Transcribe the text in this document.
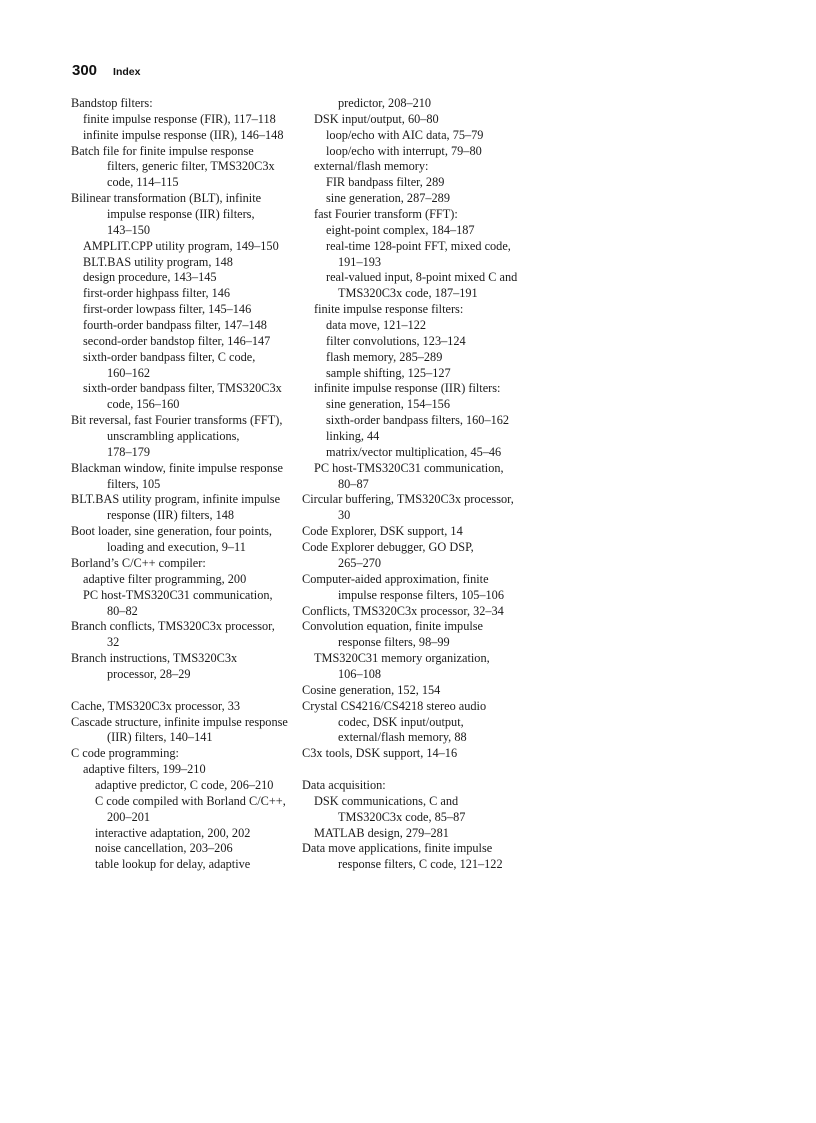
300 Index
Bandstop filters:
finite impulse response (FIR), 117–118
infinite impulse response (IIR), 146–148
Batch file for finite impulse response
filters, generic filter, TMS320C3x
code, 114–115
Bilinear transformation (BLT), infinite
impulse response (IIR) filters,
143–150
AMPLIT.CPP utility program, 149–150
BLT.BAS utility program, 148
design procedure, 143–145
first-order highpass filter, 146
first-order lowpass filter, 145–146
fourth-order bandpass filter, 147–148
second-order bandstop filter, 146–147
sixth-order bandpass filter, C code,
160–162
sixth-order bandpass filter, TMS320C3x
code, 156–160
Bit reversal, fast Fourier transforms (FFT),
unscrambling applications,
178–179
Blackman window, finite impulse response
filters, 105
BLT.BAS utility program, infinite impulse
response (IIR) filters, 148
Boot loader, sine generation, four points,
loading and execution, 9–11
Borland’s C/C++ compiler:
adaptive filter programming, 200
PC host-TMS320C31 communication,
80–82
Branch conflicts, TMS320C3x processor,
32
Branch instructions, TMS320C3x
processor, 28–29
Cache, TMS320C3x processor, 33
Cascade structure, infinite impulse response
(IIR) filters, 140–141
C code programming:
adaptive filters, 199–210
adaptive predictor, C code, 206–210
C code compiled with Borland C/C++,
200–201
interactive adaptation, 200, 202
noise cancellation, 203–206
table lookup for delay, adaptive
predictor, 208–210
DSK input/output, 60–80
loop/echo with AIC data, 75–79
loop/echo with interrupt, 79–80
external/flash memory:
FIR bandpass filter, 289
sine generation, 287–289
fast Fourier transform (FFT):
eight-point complex, 184–187
real-time 128-point FFT, mixed code,
191–193
real-valued input, 8-point mixed C and
TMS320C3x code, 187–191
finite impulse response filters:
data move, 121–122
filter convolutions, 123–124
flash memory, 285–289
sample shifting, 125–127
infinite impulse response (IIR) filters:
sine generation, 154–156
sixth-order bandpass filters, 160–162
linking, 44
matrix/vector multiplication, 45–46
PC host-TMS320C31 communication,
80–87
Circular buffering, TMS320C3x processor,
30
Code Explorer, DSK support, 14
Code Explorer debugger, GO DSP,
265–270
Computer-aided approximation, finite
impulse response filters, 105–106
Conflicts, TMS320C3x processor, 32–34
Convolution equation, finite impulse
response filters, 98–99
TMS320C31 memory organization,
106–108
Cosine generation, 152, 154
Crystal CS4216/CS4218 stereo audio
codec, DSK input/output,
external/flash memory, 88
C3x tools, DSK support, 14–16
Data acquisition:
DSK communications, C and
TMS320C3x code, 85–87
MATLAB design, 279–281
Data move applications, finite impulse
response filters, C code, 121–122
